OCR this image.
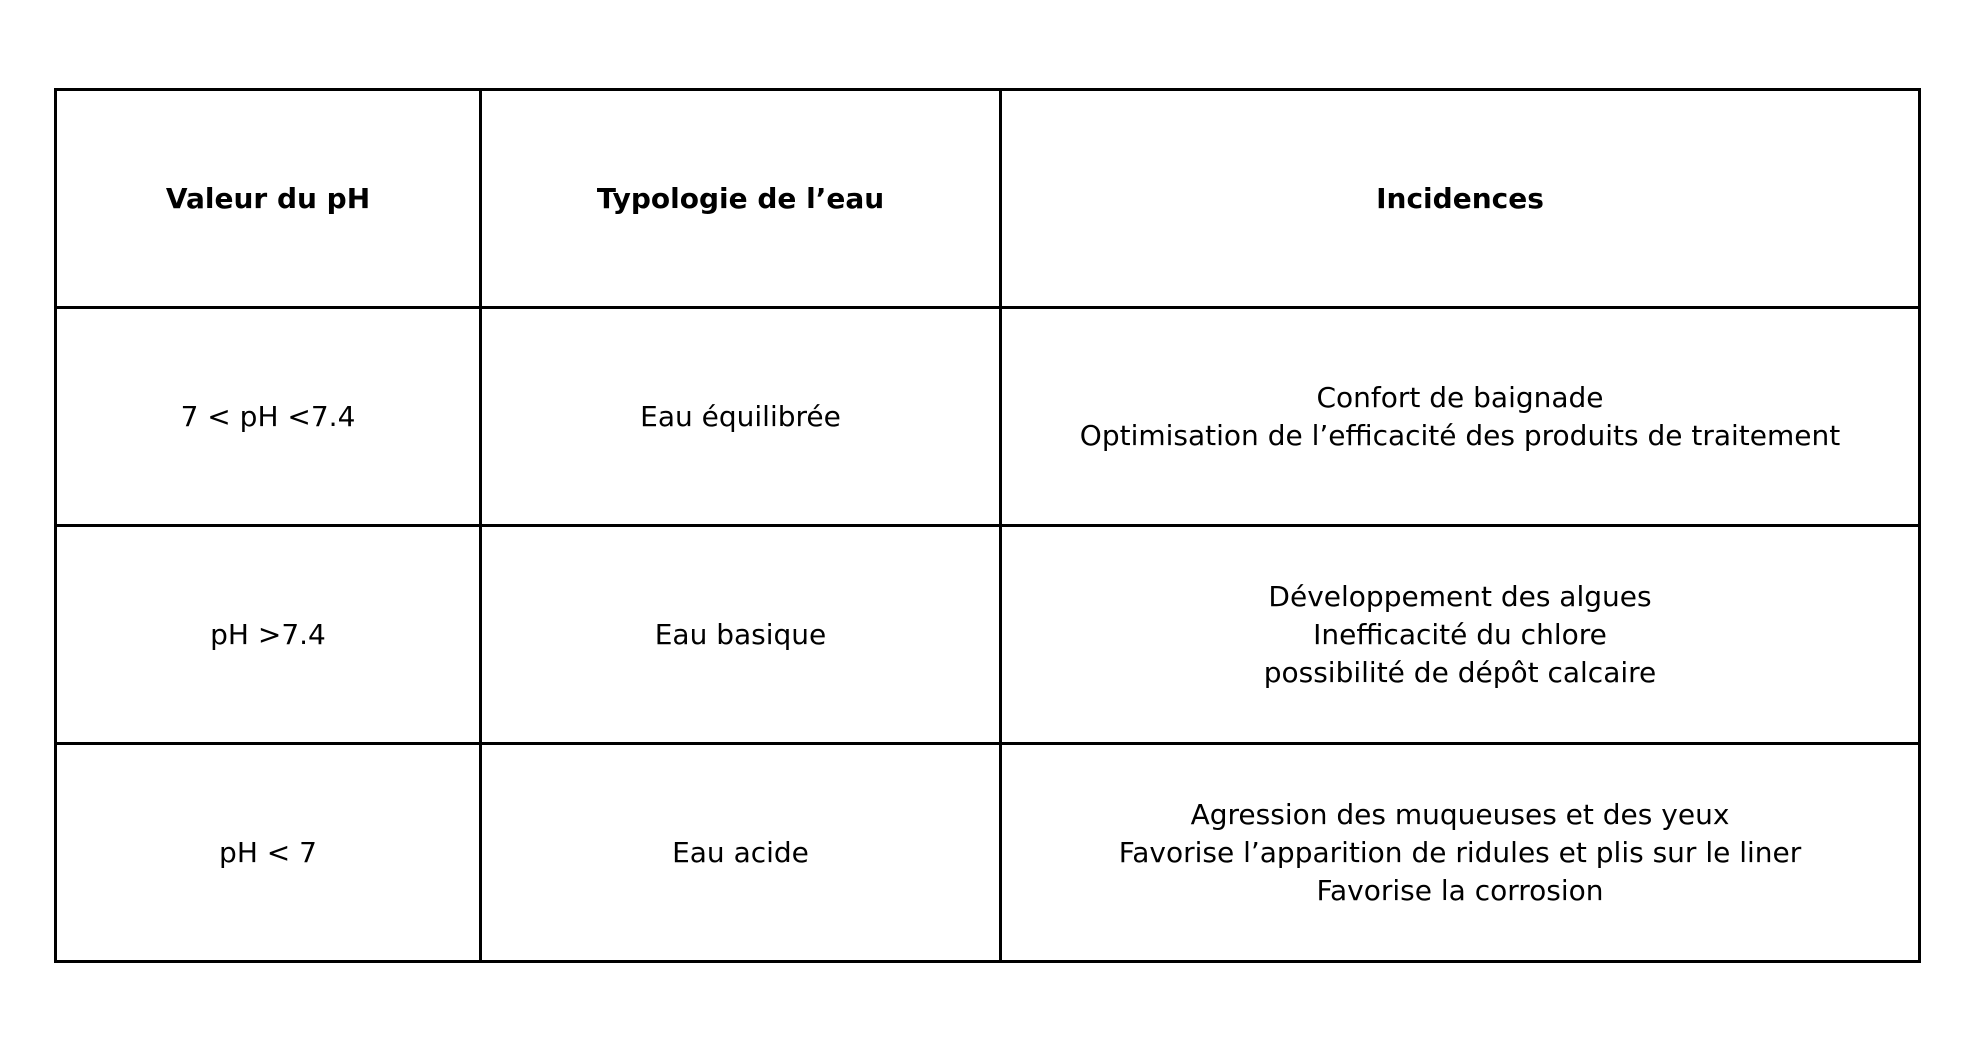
Valeur du pH	Typologie de l’eau	Incidences
7 < pH <7.4	Eau équilibrée	Confort de baignade
Optimisation de l’efficacité des produits de traitement

pH >7.4	Eau basique	Développement des algues
Inefficacité du chlore
possibilité de dépôt calcaire

pH < 7	Eau acide	Agression des muqueuses et des yeux
Favorise l’apparition de ridules et plis sur le liner
Favorise la corrosion
